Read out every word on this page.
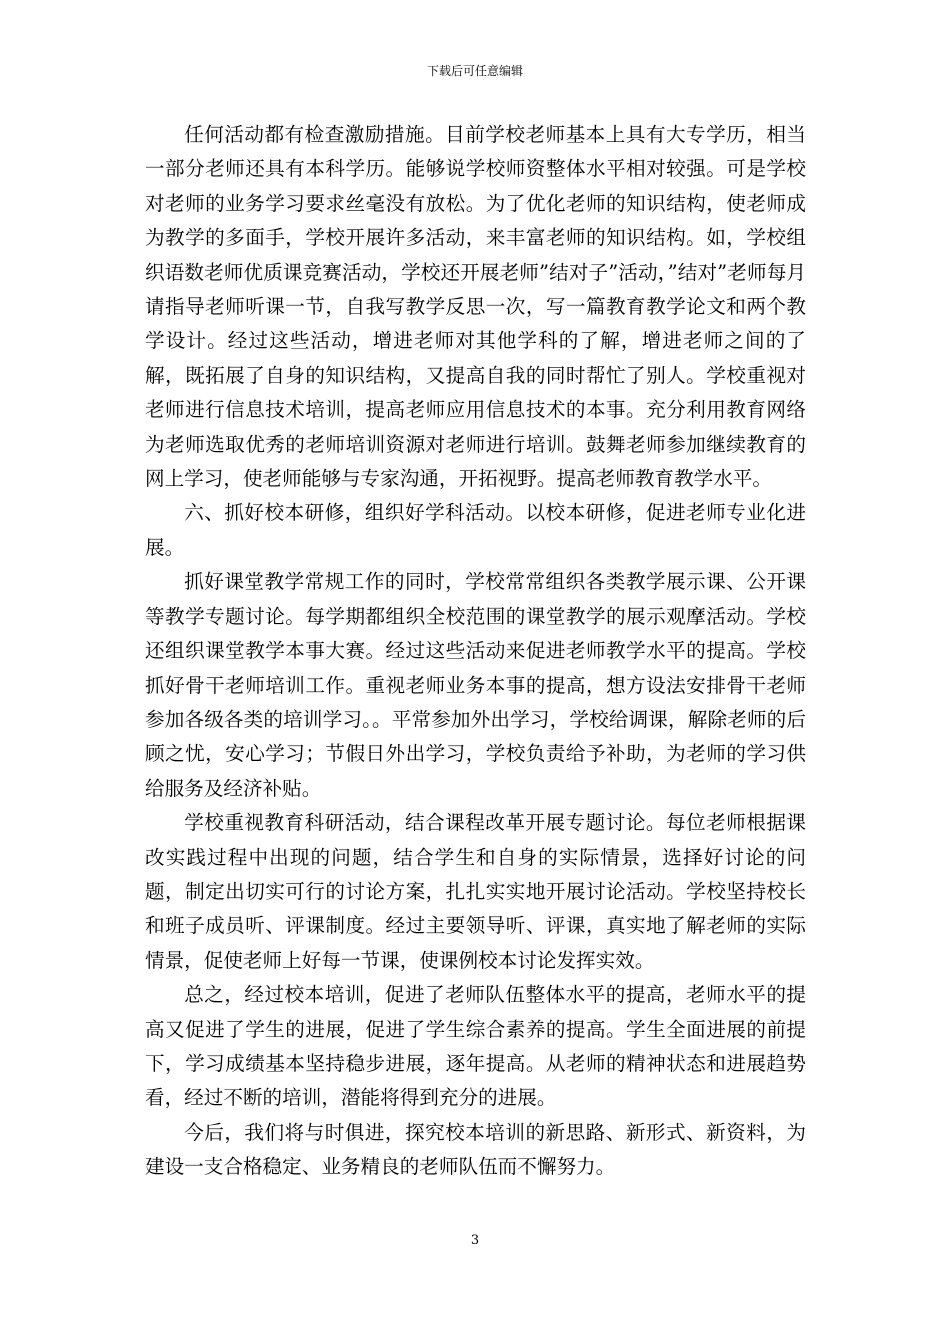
下载后可任意编辑

任何活动都有检查激励措施。目前学校老师基本上具有大专学历，相当一部分老师还具有本科学历。能够说学校师资整体水平相对较强。可是学校对老师的业务学习要求丝毫没有放松。为了优化老师的知识结构，使老师成为教学的多面手，学校开展许多活动，来丰富老师的知识结构。如，学校组织语数老师优质课竞赛活动，学校还开展老师”结对子”活动，”结对”老师每月请指导老师听课一节，自我写教学反思一次，写一篇教育教学论文和两个教学设计。经过这些活动，增进老师对其他学科的了解，增进老师之间的了解，既拓展了自身的知识结构，又提高自我的同时帮忙了别人。学校重视对老师进行信息技术培训，提高老师应用信息技术的本事。充分利用教育网络为老师选取优秀的老师培训资源对老师进行培训。鼓舞老师参加继续教育的网上学习，使老师能够与专家沟通，开拓视野。提高老师教育教学水平。

六、抓好校本研修，组织好学科活动。以校本研修，促进老师专业化进展。

抓好课堂教学常规工作的同时，学校常常组织各类教学展示课、公开课等教学专题讨论。每学期都组织全校范围的课堂教学的展示观摩活动。学校还组织课堂教学本事大赛。经过这些活动来促进老师教学水平的提高。学校抓好骨干老师培训工作。重视老师业务本事的提高，想方设法安排骨干老师参加各级各类的培训学习。。平常参加外出学习，学校给调课，解除老师的后顾之忧，安心学习；节假日外出学习，学校负责给予补助，为老师的学习供给服务及经济补贴。

学校重视教育科研活动，结合课程改革开展专题讨论。每位老师根据课改实践过程中出现的问题，结合学生和自身的实际情景，选择好讨论的问题，制定出切实可行的讨论方案，扎扎实实地开展讨论活动。学校坚持校长和班子成员听、评课制度。经过主要领导听、评课，真实地了解老师的实际情景，促使老师上好每一节课，使课例校本讨论发挥实效。

总之，经过校本培训，促进了老师队伍整体水平的提高，老师水平的提高又促进了学生的进展，促进了学生综合素养的提高。学生全面进展的前提下，学习成绩基本坚持稳步进展，逐年提高。从老师的精神状态和进展趋势看，经过不断的培训，潜能将得到充分的进展。

今后，我们将与时俱进，探究校本培训的新思路、新形式、新资料，为建设一支合格稳定、业务精良的老师队伍而不懈努力。

3
